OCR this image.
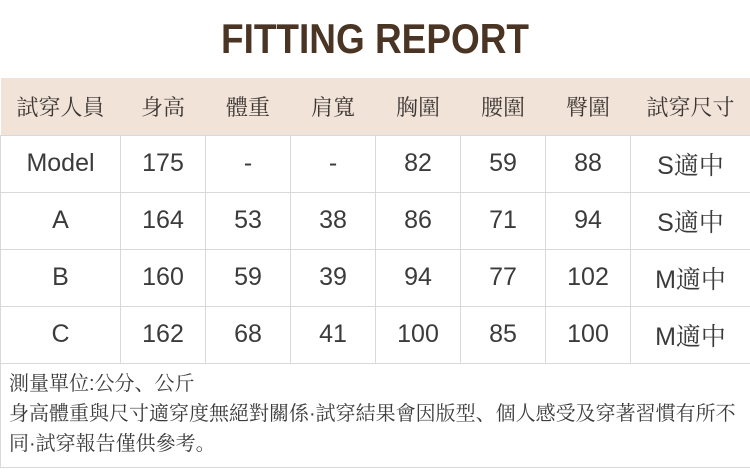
FITTING REPORT
試穿人員	身高	體重	肩寬	胸圍	腰圍	臀圍	試穿尺寸
Model	175	-	-	82	59	88	S適中
A	164	53	38	86	71	94	S適中
B	160	59	39	94	77	102	M適中
C	162	68	41	100	85	100	M適中

測量單位:公分、公斤

身高體重與尺寸適穿度無絕對關係·試穿結果會因版型、個人感受及穿著習慣有所不同·試穿報告僅供參考。							
